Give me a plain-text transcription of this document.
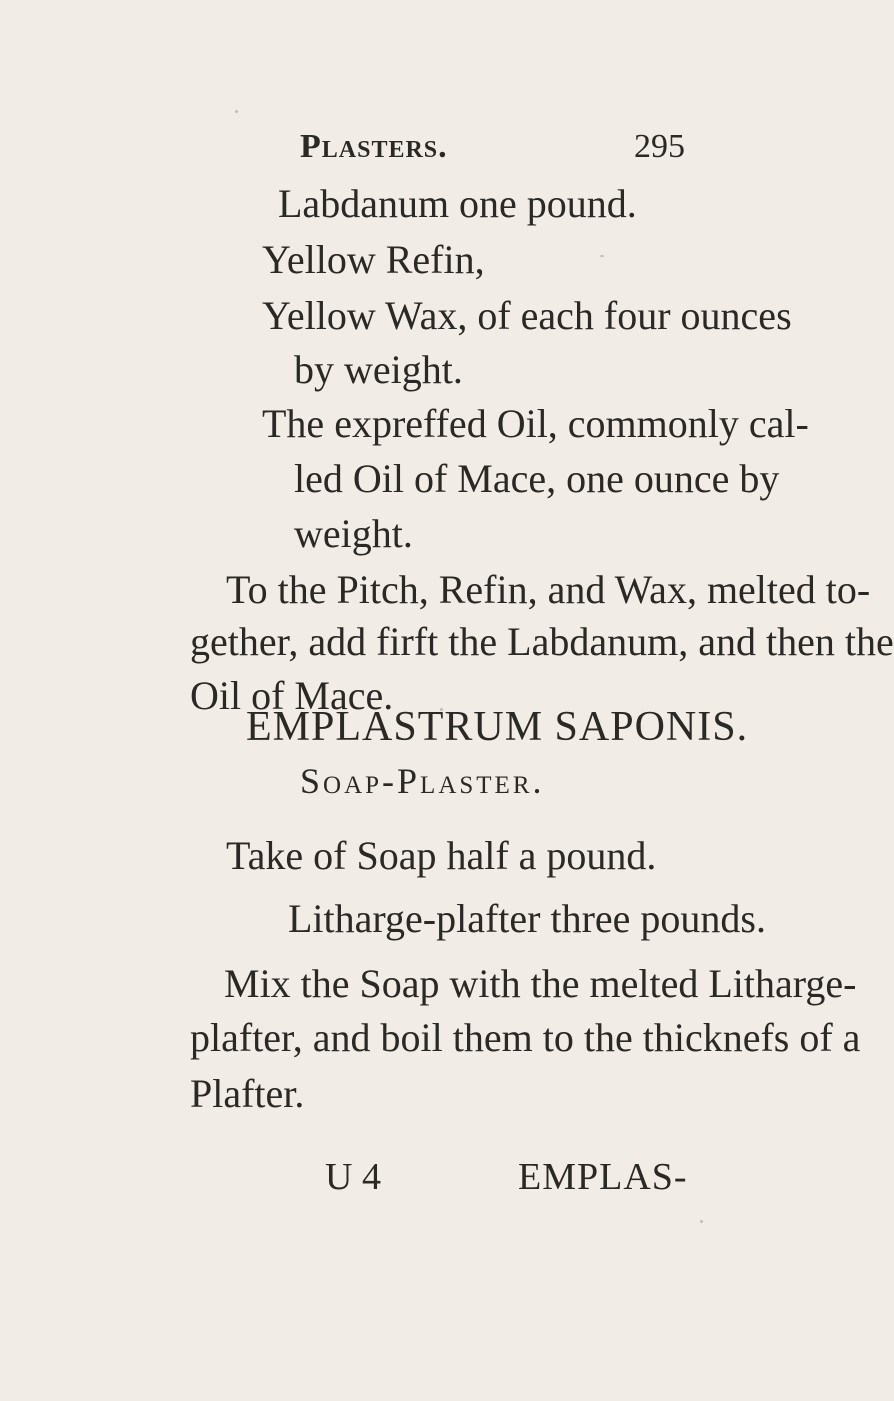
Plasters.	295
Labdanum one pound.
Yellow Refin,
Yellow Wax, of each four ounces
by weight.
The expreffed Oil, commonly cal-
led Oil of Mace, one ounce by
weight.
To the Pitch, Refin, and Wax, melted to-
gether, add firft the Labdanum, and then the
Oil of Mace.
EMPLASTRUM SAPONIS.
Soap-Plaster.
Take of Soap half a pound.
Litharge-plafter three pounds.
Mix the Soap with the melted Litharge-
plafter, and boil them to the thicknefs of a
Plafter.
U 4	EMPLAS-
